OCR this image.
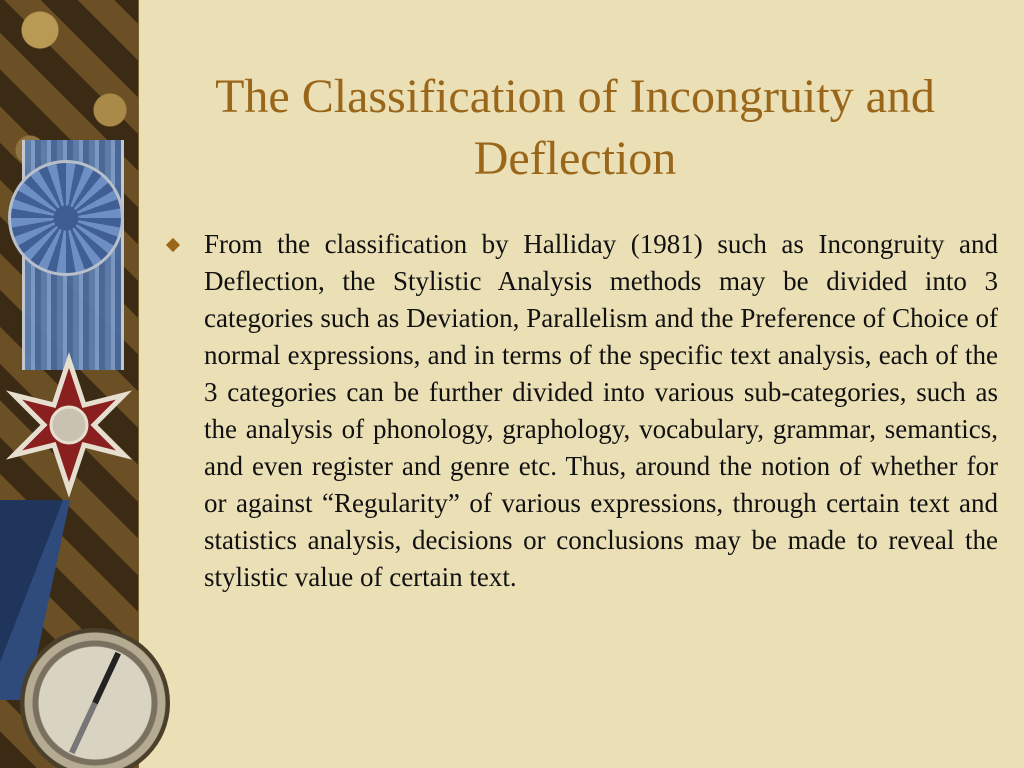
The Classification of Incongruity and Deflection

From the classification by Halliday (1981) such as Incongruity and Deflection, the Stylistic Analysis methods may be divided into 3 categories such as Deviation, Parallelism and the Preference of Choice of normal expressions, and in terms of the specific text analysis, each of the 3 categories can be further divided into various sub-categories, such as the analysis of phonology, graphology, vocabulary, grammar, semantics, and even register and genre etc. Thus, around the notion of whether for or against “Regularity” of various expressions, through certain text and statistics analysis, decisions or conclusions may be made to reveal the stylistic value of certain text.
